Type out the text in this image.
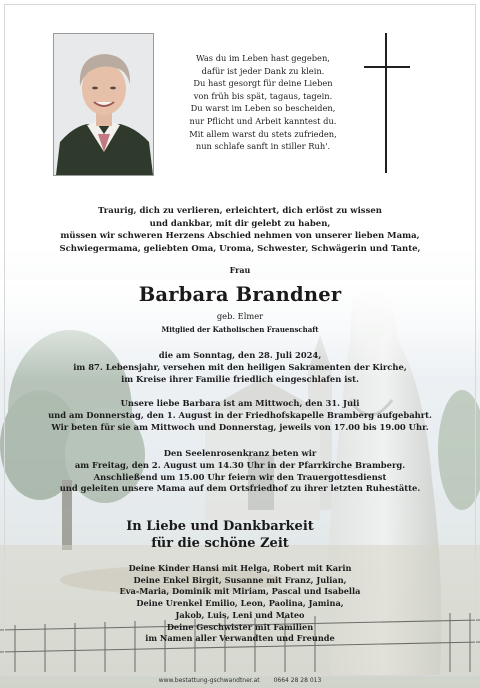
Was du im Leben hast gegeben,
dafür ist jeder Dank zu klein.
Du hast gesorgt für deine Lieben
von früh bis spät, tagaus, tagein.
Du warst im Leben so bescheiden,
nur Pflicht und Arbeit kanntest du.
Mit allem warst du stets zufrieden,
nun schlafe sanft in stiller Ruh'.
Traurig, dich zu verlieren, erleichtert, dich erlöst zu wissen
und dankbar, mit dir gelebt zu haben,
müssen wir schweren Herzens Abschied nehmen von unserer lieben Mama,
Schwiegermama, geliebten Oma, Uroma, Schwester, Schwägerin und Tante,
Frau
Barbara Brandner
geb. Elmer
Mitglied der Katholischen Frauenschaft
die am Sonntag, den 28. Juli 2024,
im 87. Lebensjahr, versehen mit den heiligen Sakramenten der Kirche,
im Kreise ihrer Familie friedlich eingeschlafen ist.
Unsere liebe Barbara ist am Mittwoch, den 31. Juli
und am Donnerstag, den 1. August in der Friedhofskapelle Bramberg aufgebahrt.
Wir beten für sie am Mittwoch und Donnerstag, jeweils von 17.00 bis 19.00 Uhr.
Den Seelenrosenkranz beten wir
am Freitag, den 2. August um 14.30 Uhr in der Pfarrkirche Bramberg.
Anschließend um 15.00 Uhr feiern wir den Trauergottesdienst
und geleiten unsere Mama auf dem Ortsfriedhof zu ihrer letzten Ruhestätte.
In Liebe und Dankbarkeit
für die schöne Zeit
Deine Kinder Hansi mit Helga, Robert mit Karin
Deine Enkel Birgit, Susanne mit Franz, Julian,
Eva-Maria, Dominik mit Miriam, Pascal und Isabella
Deine Urenkel Emilio, Leon, Paolina, Jamina,
Jakob, Luis, Leni und Mateo
Deine Geschwister mit Familien
im Namen aller Verwandten und Freunde
www.bestattung-gschwandtner.at 0664 28 28 013
